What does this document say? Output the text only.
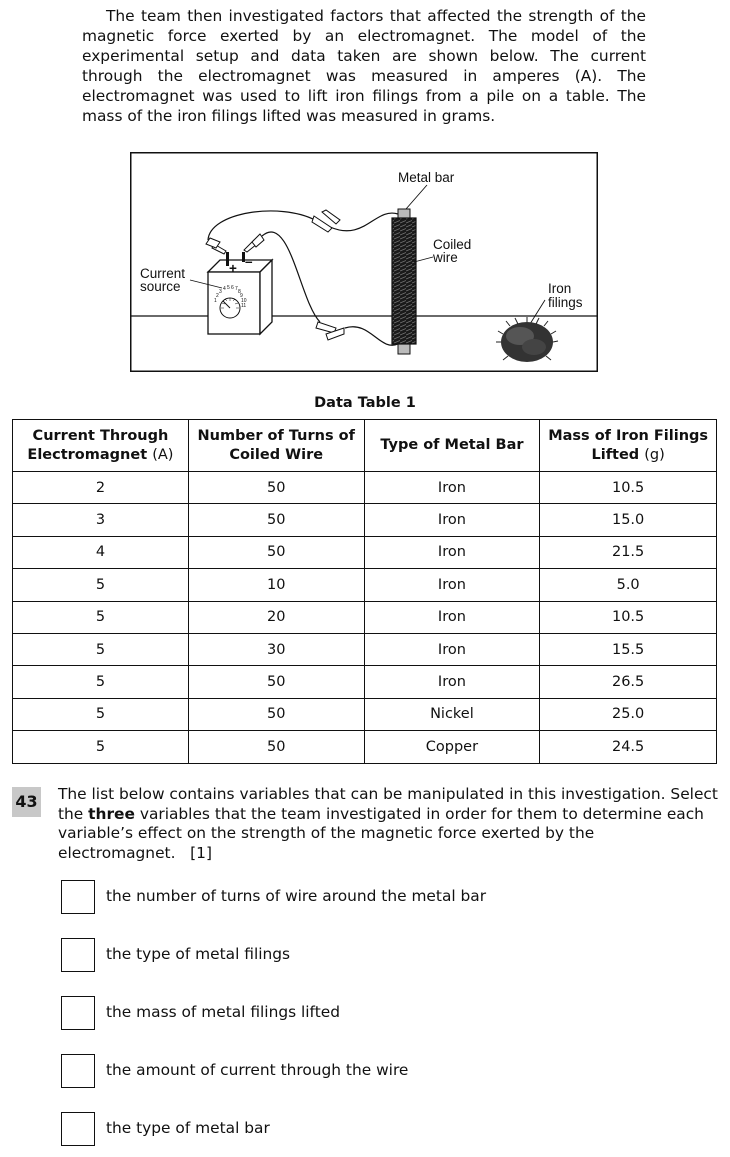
The team then investigated factors that affected the strength of the magnetic force exerted by an electromagnet. The model of the experimental setup and data taken are shown below. The current through the electromagnet was measured in amperes (A). The electromagnet was used to lift iron filings from a pile on a table. The mass of the iron filings lifted was measured in grams.

1
2
3 4 5 6 7 8
9
10
11
+ –
Metal bar
Coiled
wire
Current
source	Iron
filings
Data Table 1
Current Through
Electromagnet (A)	Number of Turns of
Coiled Wire	Type of Metal Bar	Mass of Iron Filings
Lifted (g)
2	50	Iron	10.5
3	50	Iron	15.0
4	50	Iron	21.5
5	10	Iron	5.0
5	20	Iron	10.5
5	30	Iron	15.5
5	50	Iron	26.5
5	50	Nickel	25.0
5	50	Copper	24.5
43 The list below contains variables that can be manipulated in this investigation. Select the three variables that the team investigated in order for them to determine each variable’s effect on the strength of the magnetic force exerted by the electromagnet. [1]

the number of turns of wire around the metal bar
the type of metal filings
the mass of metal filings lifted
the amount of current through the wire
the type of metal bar
